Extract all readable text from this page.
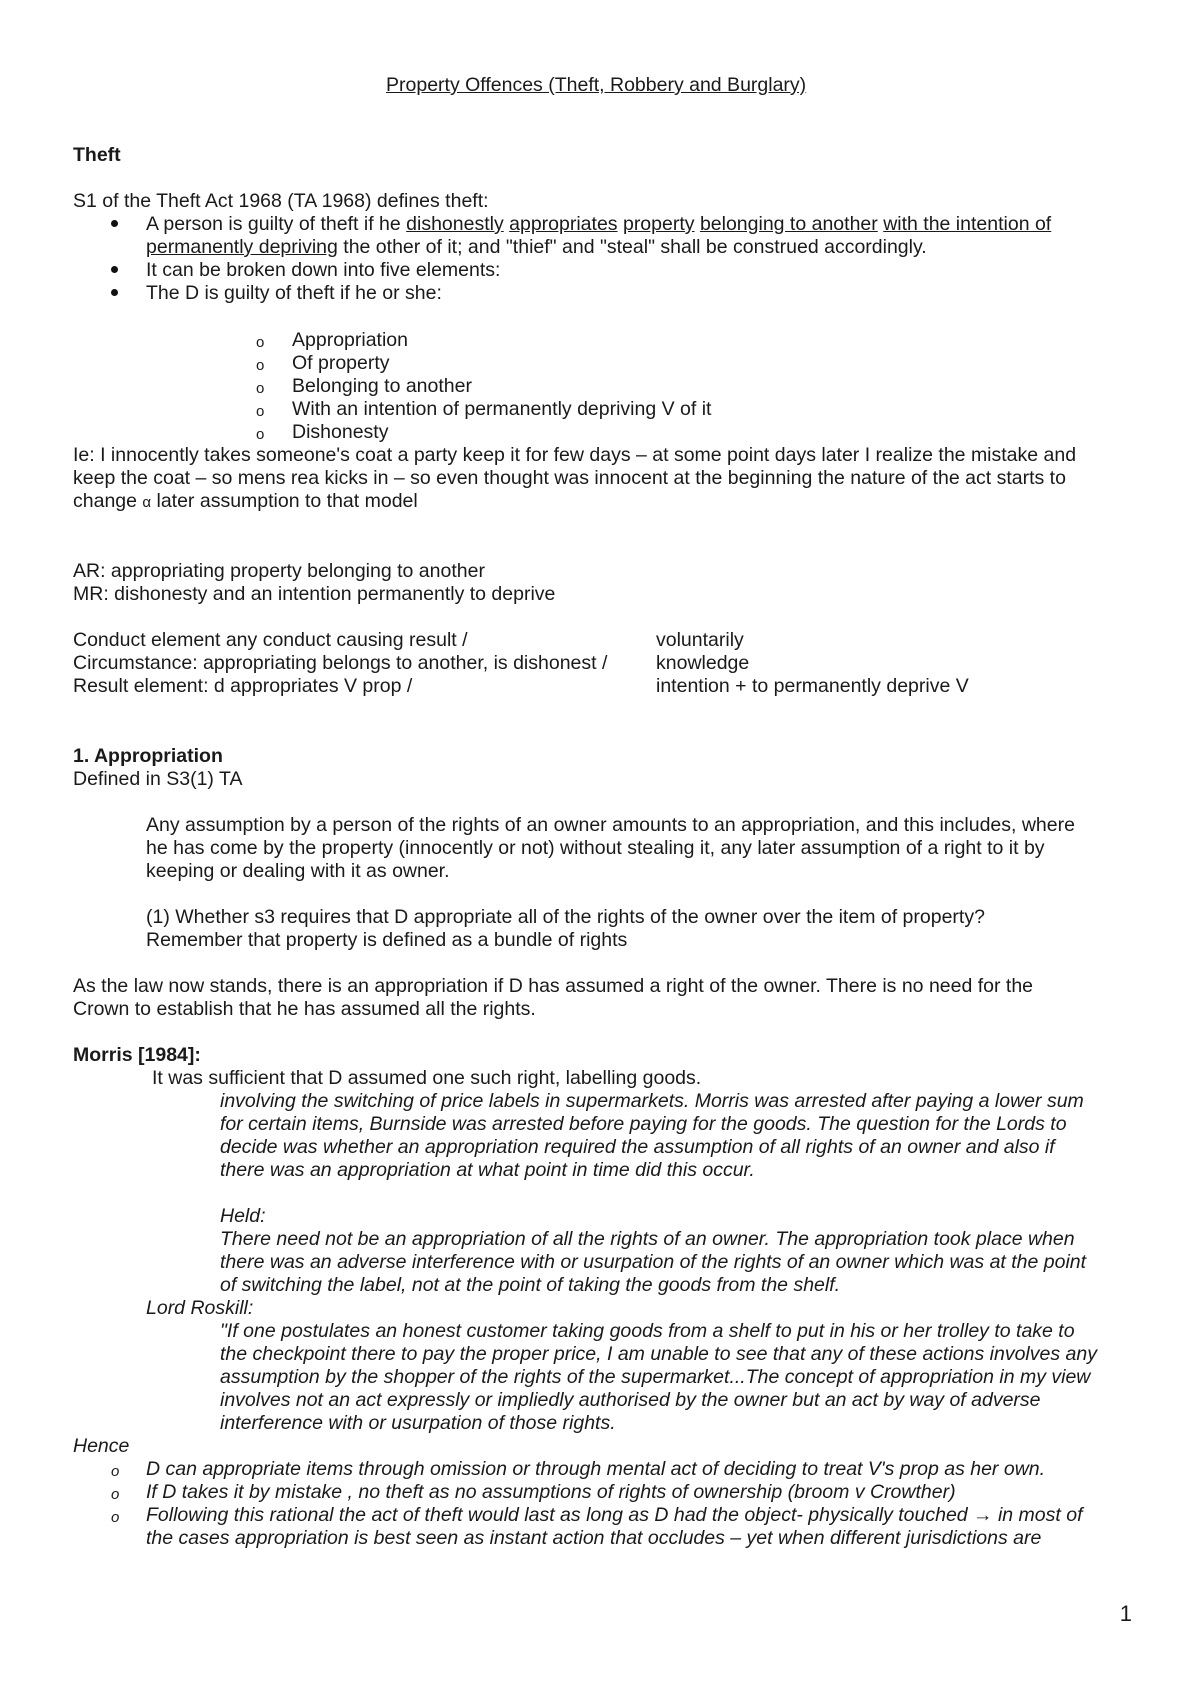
Property Offences (Theft, Robbery and Burglary)
Theft
S1 of the Theft Act 1968 (TA 1968) defines theft:
A person is guilty of theft if he dishonestly appropriates property belonging to another with the intention of
permanently depriving the other of it; and "thief" and "steal" shall be construed accordingly.
It can be broken down into five elements:
The D is guilty of theft if he or she:
o Appropriation
o Of property
o Belonging to another
o With an intention of permanently depriving V of it
o Dishonesty
Ie: I innocently takes someone's coat a party keep it for few days – at some point days later I realize the mistake and
keep the coat – so mens rea kicks in – so even thought was innocent at the beginning the nature of the act starts to
change α later assumption to that model
AR: appropriating property belonging to another
MR: dishonesty and an intention permanently to deprive
Conduct element any conduct causing result /	voluntarily
Circumstance: appropriating belongs to another, is dishonest / knowledge
Result element: d appropriates V prop /	intention + to permanently deprive V
1. Appropriation
Defined in S3(1) TA
Any assumption by a person of the rights of an owner amounts to an appropriation, and this includes, where
he has come by the property (innocently or not) without stealing it, any later assumption of a right to it by
keeping or dealing with it as owner.
(1) Whether s3 requires that D appropriate all of the rights of the owner over the item of property?
Remember that property is defined as a bundle of rights
As the law now stands, there is an appropriation if D has assumed a right of the owner. There is no need for the
Crown to establish that he has assumed all the rights.
Morris [1984]:
It was sufficient that D assumed one such right, labelling goods.
involving the switching of price labels in supermarkets. Morris was arrested after paying a lower sum
for certain items, Burnside was arrested before paying for the goods. The question for the Lords to
decide was whether an appropriation required the assumption of all rights of an owner and also if
there was an appropriation at what point in time did this occur.
Held:
There need not be an appropriation of all the rights of an owner. The appropriation took place when
there was an adverse interference with or usurpation of the rights of an owner which was at the point
of switching the label, not at the point of taking the goods from the shelf.
Lord Roskill:
"If one postulates an honest customer taking goods from a shelf to put in his or her trolley to take to
the checkpoint there to pay the proper price, I am unable to see that any of these actions involves any
assumption by the shopper of the rights of the supermarket...The concept of appropriation in my view
involves not an act expressly or impliedly authorised by the owner but an act by way of adverse
interference with or usurpation of those rights.
Hence
o D can appropriate items through omission or through mental act of deciding to treat V's prop as her own.
o If D takes it by mistake , no theft as no assumptions of rights of ownership (broom v Crowther)
o Following this rational the act of theft would last as long as D had the object- physically touched → in most of
the cases appropriation is best seen as instant action that occludes – yet when different jurisdictions are
1
